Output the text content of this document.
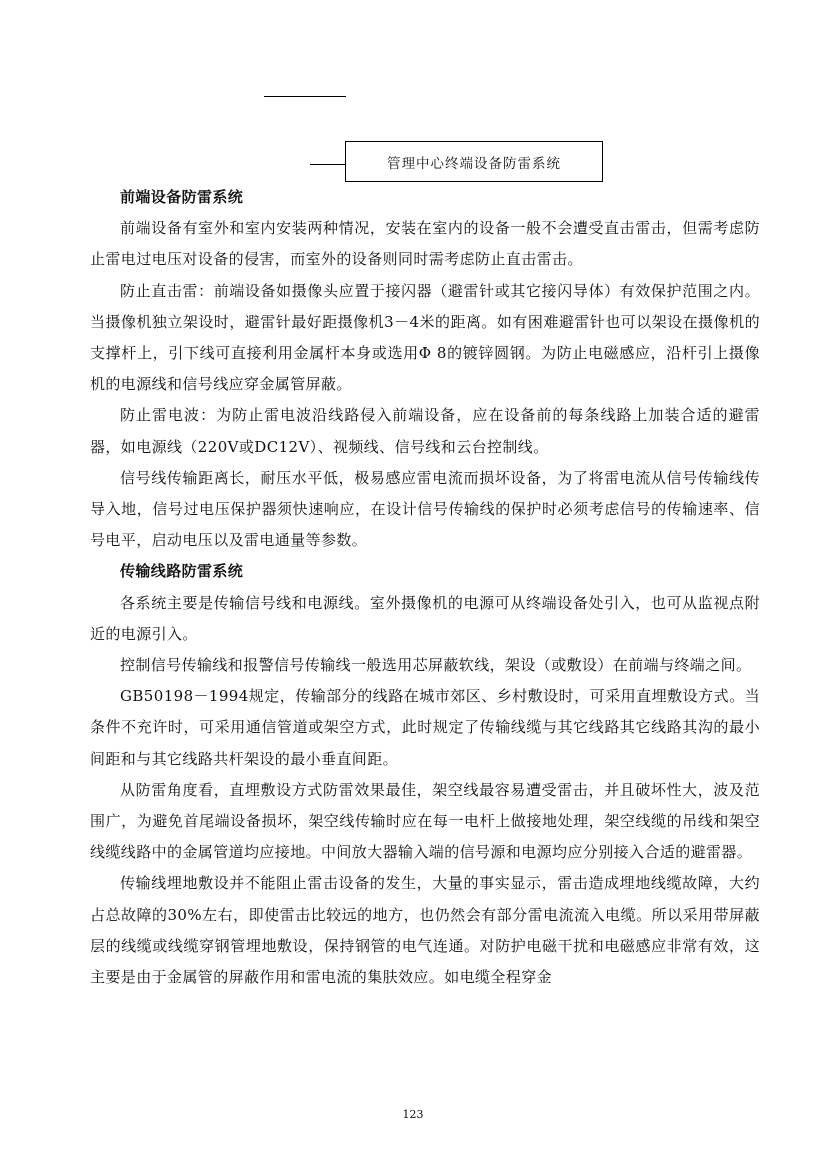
管理中心终端设备防雷系统

前端设备防雷系统

前端设备有室外和室内安装两种情况，安装在室内的设备一般不会遭受直击雷击，但需考虑防止雷电过电压对设备的侵害，而室外的设备则同时需考虑防止直击雷击。

防止直击雷：前端设备如摄像头应置于接闪器（避雷针或其它接闪导体）有效保护范围之内。当摄像机独立架设时，避雷针最好距摄像机3－4米的距离。如有困难避雷针也可以架设在摄像机的支撑杆上，引下线可直接利用金属杆本身或选用Φ 8的镀锌圆钢。为防止电磁感应，沿杆引上摄像机的电源线和信号线应穿金属管屏蔽。

防止雷电波：为防止雷电波沿线路侵入前端设备，应在设备前的每条线路上加装合适的避雷器，如电源线（220V或DC12V）、视频线、信号线和云台控制线。

信号线传输距离长，耐压水平低，极易感应雷电流而损坏设备，为了将雷电流从信号传输线传导入地，信号过电压保护器须快速响应，在设计信号传输线的保护时必须考虑信号的传输速率、信号电平，启动电压以及雷电通量等参数。

传输线路防雷系统

各系统主要是传输信号线和电源线。室外摄像机的电源可从终端设备处引入，也可从监视点附近的电源引入。

控制信号传输线和报警信号传输线一般选用芯屏蔽软线，架设（或敷设）在前端与终端之间。

GB50198－1994规定，传输部分的线路在城市郊区、乡村敷设时，可采用直埋敷设方式。当条件不充许时，可采用通信管道或架空方式，此时规定了传输线缆与其它线路其它线路其沟的最小间距和与其它线路共杆架设的最小垂直间距。

从防雷角度看，直埋敷设方式防雷效果最佳，架空线最容易遭受雷击，并且破坏性大，波及范围广，为避免首尾端设备损坏，架空线传输时应在每一电杆上做接地处理，架空线缆的吊线和架空线缆线路中的金属管道均应接地。中间放大器输入端的信号源和电源均应分别接入合适的避雷器。

传输线埋地敷设并不能阻止雷击设备的发生，大量的事实显示，雷击造成埋地线缆故障，大约占总故障的30%左右，即使雷击比较远的地方，也仍然会有部分雷电流流入电缆。所以采用带屏蔽层的线缆或线缆穿钢管埋地敷设，保持钢管的电气连通。对防护电磁干扰和电磁感应非常有效，这主要是由于金属管的屏蔽作用和雷电流的集肤效应。如电缆全程穿金

123
